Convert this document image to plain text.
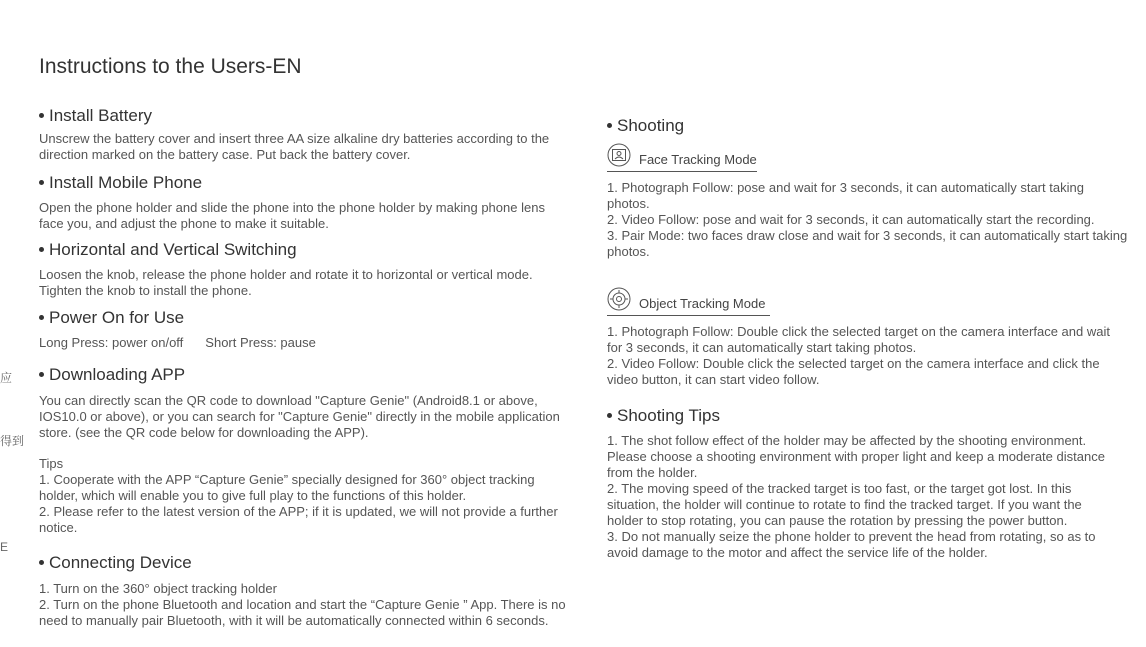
应
得到
E
Instructions to the Users-EN
Install Battery
Unscrew the battery cover and insert three AA size alkaline dry batteries according to the
direction marked on the battery case. Put back the battery cover.
Install Mobile Phone
Open the phone holder and slide the phone into the phone holder by making phone lens
face you, and adjust the phone to make it suitable.
Horizontal and Vertical Switching
Loosen the knob, release the phone holder and rotate it to horizontal or vertical mode.
Tighten the knob to install the phone.
Power On for Use
Long Press: power on/off Short Press: pause
Downloading APP
You can directly scan the QR code to download "Capture Genie" (Android8.1 or above,
IOS10.0 or above), or you can search for "Capture Genie" directly in the mobile application
store. (see the QR code below for downloading the APP).
Tips
1. Cooperate with the APP “Capture Genie” specially designed for 360° object tracking
holder, which will enable you to give full play to the functions of this holder.
2. Please refer to the latest version of the APP; if it is updated, we will not provide a further
notice.
Connecting Device
1. Turn on the 360° object tracking holder
2. Turn on the phone Bluetooth and location and start the “Capture Genie ” App. There is no
need to manually pair Bluetooth, with it will be automatically connected within 6 seconds.
Shooting
Face Tracking Mode
1. Photograph Follow: pose and wait for 3 seconds, it can automatically start taking
photos.
2. Video Follow: pose and wait for 3 seconds, it can automatically start the recording.
3. Pair Mode: two faces draw close and wait for 3 seconds, it can automatically start taking
photos.
Object Tracking Mode
1. Photograph Follow: Double click the selected target on the camera interface and wait
for 3 seconds, it can automatically start taking photos.
2. Video Follow: Double click the selected target on the camera interface and click the
video button, it can start video follow.
Shooting Tips
1. The shot follow effect of the holder may be affected by the shooting environment.
Please choose a shooting environment with proper light and keep a moderate distance
from the holder.
2. The moving speed of the tracked target is too fast, or the target got lost. In this
situation, the holder will continue to rotate to find the tracked target. If you want the
holder to stop rotating, you can pause the rotation by pressing the power button.
3. Do not manually seize the phone holder to prevent the head from rotating, so as to
avoid damage to the motor and affect the service life of the holder.
